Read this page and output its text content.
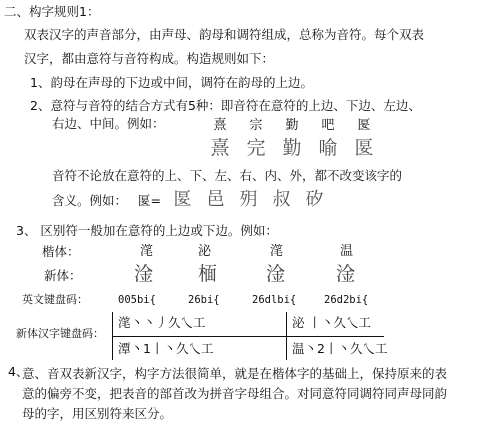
二、构字规则1：
双表汉字的声音部分，由声母、韵母和调符组成，总称为音符。每个双表
汉字，都由意符与音符构成。构造规则如下：
1、韵母在声母的下边或中间，调符在韵母的上边。
2、意符与音符的结合方式有5种：即音符在意符的上边、下边、左边、
右边、中间。例如：	熹 宗 勤 吧 匽
熹 完 勤 喻 匽
音符不论放在意符的上、下、左、右、内、外，都不改变该字的
含义。例如： 匽= 匽 邑 㱚 叔 矽
3、 区别符一般加在意符的上边或下边。例如：
楷体：	滗	泌	滗	温
新体：	淦 㮌	淦	淦
英文键盘码：	005bi{	26bi{	26dlbi{	26d2bi{
新体汉字键盘码：
滗丶丶丿久乀工	泌 丨丶久乀工
潭丶1丨丶久乀工	温丶2丨丶久乀工
4、
意、音双表新汉字，构字方法很简单，就是在楷体字的基础上，保持原来的表
意的偏旁不变，把表音的部首改为拼音字母组合。对同意符同调符同声母同韵
母的字，用区别符来区分。
